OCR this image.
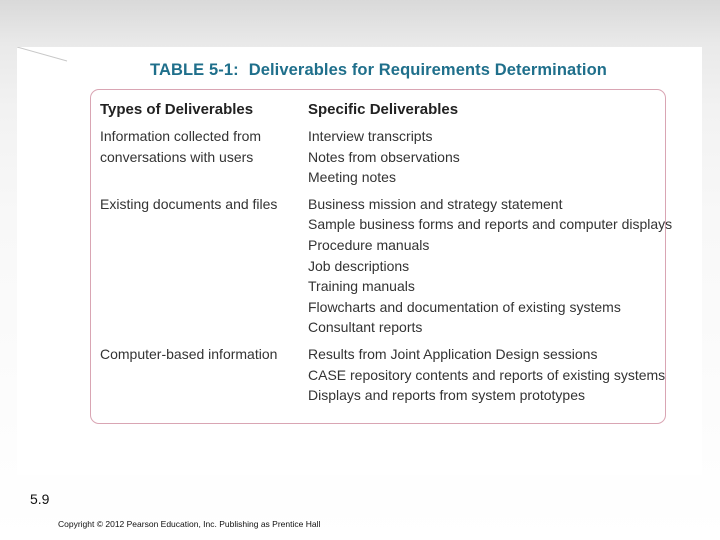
TABLE 5-1: Deliverables for Requirements Determination
Types of Deliverables
Information collected from
conversations with users
Existing documents and files
Computer-based information
Specific Deliverables
Interview transcripts
Notes from observations
Meeting notes
Business mission and strategy statement
Sample business forms and reports and computer displays
Procedure manuals
Job descriptions
Training manuals
Flowcharts and documentation of existing systems
Consultant reports
Results from Joint Application Design sessions
CASE repository contents and reports of existing systems
Displays and reports from system prototypes
5.9
Copyright © 2012 Pearson Education, Inc. Publishing as Prentice Hall
